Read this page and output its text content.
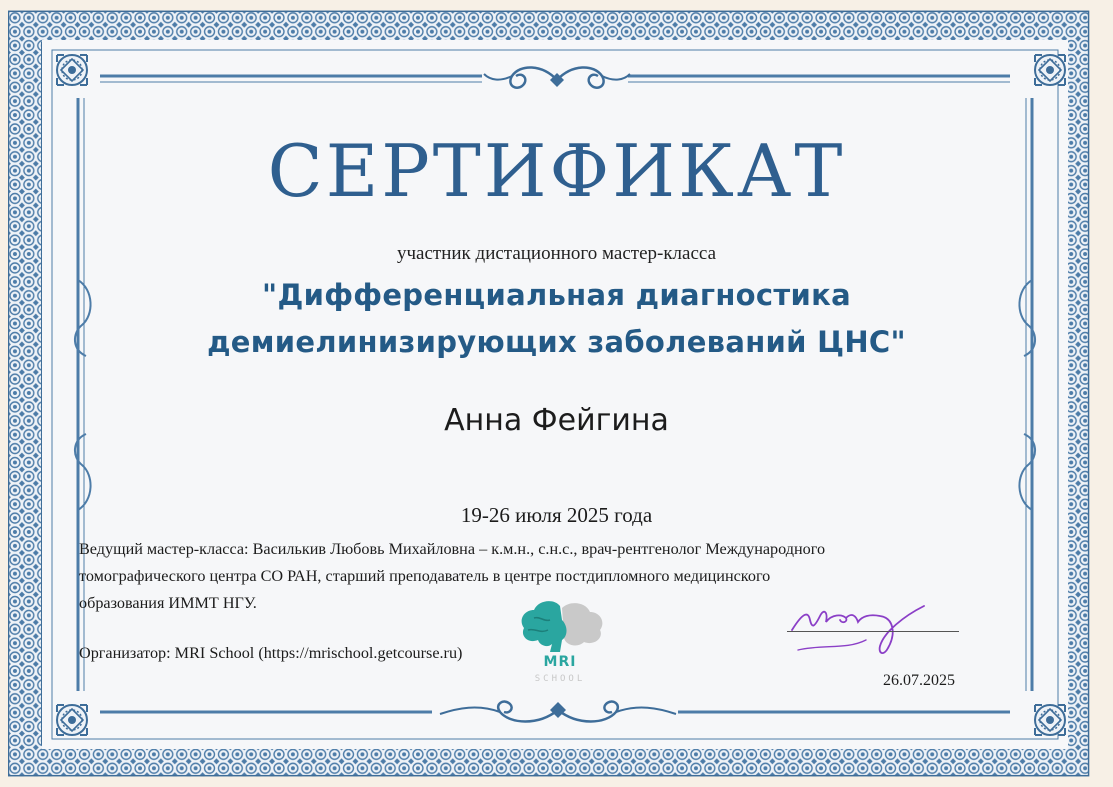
СЕРТИФИКАТ
участник дистационного мастер-класса
"Дифференциальная диагностика
демиелинизирующих заболеваний ЦНС"
Анна Фейгина
19-26 июля 2025 года
Ведущий мастер-класса: Василькив Любовь Михайловна – к.м.н., с.н.с., врач-рентгенолог Международного
томографического центра СО РАН, старший преподаватель в центре постдипломного медицинского
образования ИММТ НГУ.
Организатор: MRI School (https://mrischool.getcourse.ru)	MRI
SCHOOL	26.07.2025
